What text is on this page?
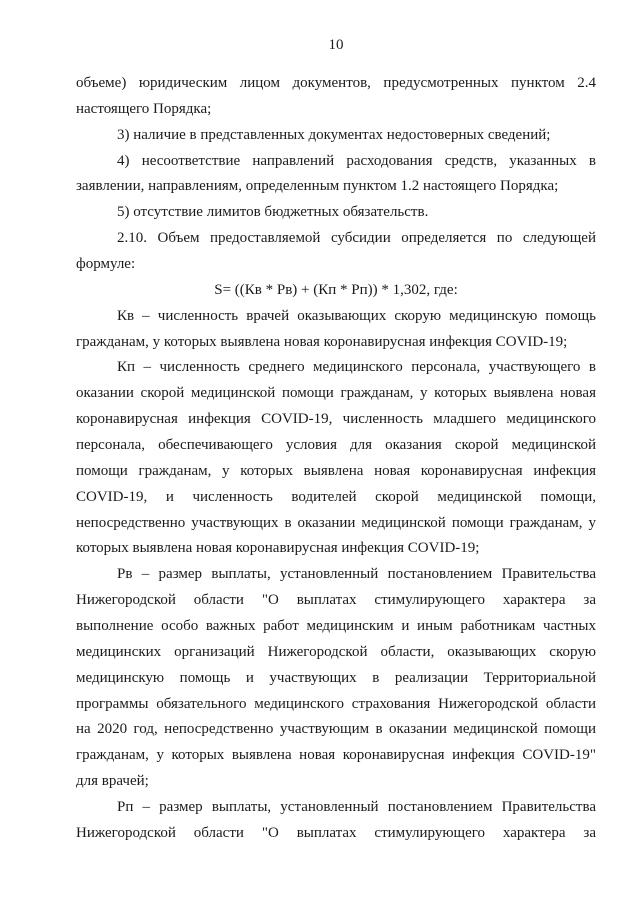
10
объеме) юридическим лицом документов, предусмотренных пунктом 2.4
настоящего Порядка;
3) наличие в представленных документах недостоверных сведений;
4) несоответствие направлений расходования средств, указанных в
заявлении, направлениям, определенным пунктом 1.2 настоящего Порядка;
5) отсутствие лимитов бюджетных обязательств.
2.10. Объем предоставляемой субсидии определяется по следующей
формуле:
S= ((Кв * Рв) + (Кп * Рп)) * 1,302, где:
Кв – численность врачей оказывающих скорую медицинскую помощь
гражданам, у которых выявлена новая коронавирусная инфекция COVID-19;
Кп – численность среднего медицинского персонала, участвующего в
оказании скорой медицинской помощи гражданам, у которых выявлена новая
коронавирусная инфекция COVID-19, численность младшего медицинского
персонала, обеспечивающего условия для оказания скорой медицинской
помощи гражданам, у которых выявлена новая коронавирусная инфекция
COVID-19, и численность водителей скорой медицинской помощи,
непосредственно участвующих в оказании медицинской помощи гражданам, у
которых выявлена новая коронавирусная инфекция COVID-19;
Рв – размер выплаты, установленный постановлением Правительства
Нижегородской области "О выплатах стимулирующего характера за
выполнение особо важных работ медицинским и иным работникам частных
медицинских организаций Нижегородской области, оказывающих скорую
медицинскую помощь и участвующих в реализации Территориальной
программы обязательного медицинского страхования Нижегородской области
на 2020 год, непосредственно участвующим в оказании медицинской помощи
гражданам, у которых выявлена новая коронавирусная инфекция COVID-19"
для врачей;
Рп – размер выплаты, установленный постановлением Правительства
Нижегородской области "О выплатах стимулирующего характера за
